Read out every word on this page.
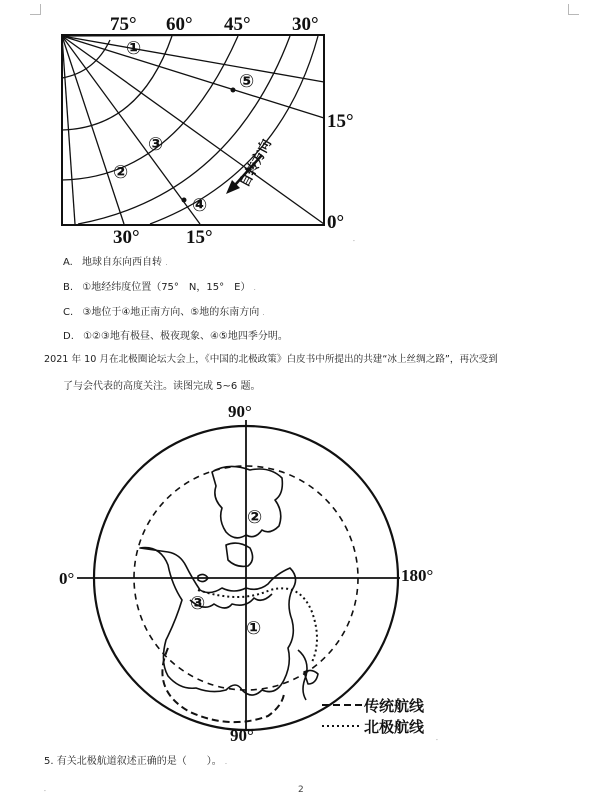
75° 60° 45° 30°
15°
0°
30° 15°
①
②
③
④
⑤
自转方向
⸳
A. 地球自东向西自转 .
B. ①地经纬度位置（75°　N，15°　E） .
C. ③地位于④地正南方向、⑤地的东南方向 .
D. ①②③地有极昼、极夜现象、④⑤地四季分明。
2021 年 10 月在北极圈论坛大会上，《中国的北极政策》白皮书中所提出的共建“冰上丝绸之路”，再次受到
了与会代表的高度关注。读图完成 5~6 题。
90°
90°
0°	180°
①
②
③
传统航线
北极航线
⸳
5. 有关北极航道叙述正确的是（　　）。 .
2
⸳
